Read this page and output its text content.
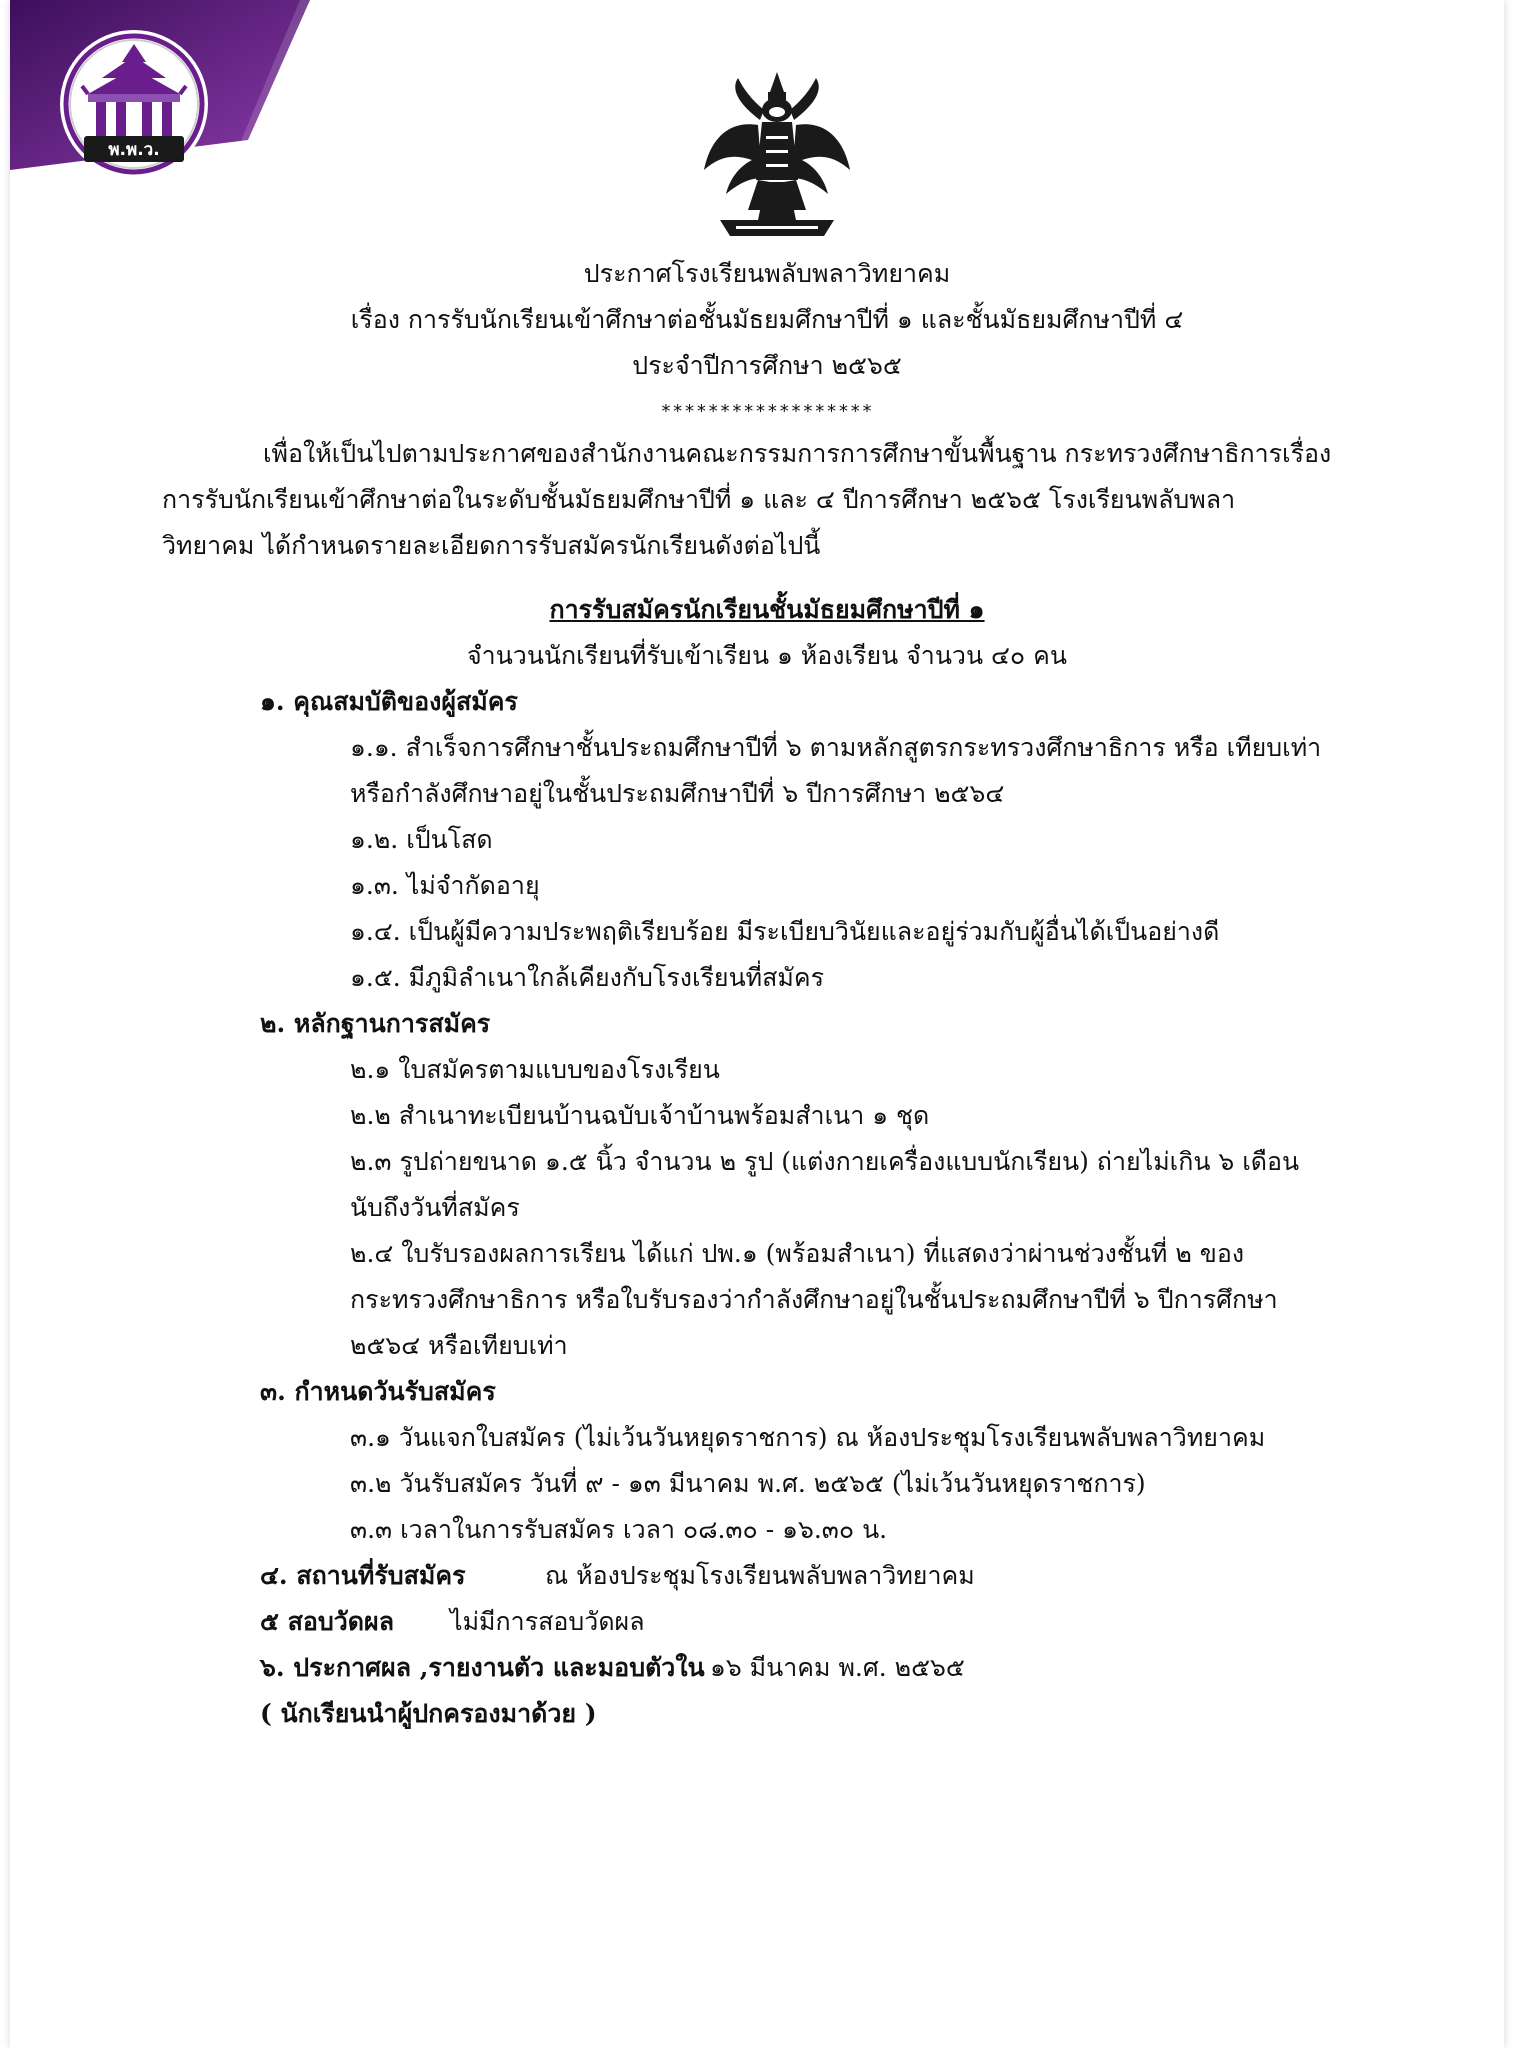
พ.พ.ว.
ประกาศโรงเรียนพลับพลาวิทยาคม
เรื่อง การรับนักเรียนเข้าศึกษาต่อชั้นมัธยมศึกษาปีที่ ๑ และชั้นมัธยมศึกษาปีที่ ๔
ประจำปีการศึกษา ๒๕๖๕
******************
เพื่อให้เป็นไปตามประกาศของสำนักงานคณะกรรมการการศึกษาขั้นพื้นฐาน กระทรวงศึกษาธิการเรื่อง
การรับนักเรียนเข้าศึกษาต่อในระดับชั้นมัธยมศึกษาปีที่ ๑ และ ๔ ปีการศึกษา ๒๕๖๕ โรงเรียนพลับพลา
วิทยาคม ได้กำหนดรายละเอียดการรับสมัครนักเรียนดังต่อไปนี้
การรับสมัครนักเรียนชั้นมัธยมศึกษาปีที่ ๑
จำนวนนักเรียนที่รับเข้าเรียน ๑ ห้องเรียน จำนวน ๔๐ คน
๑. คุณสมบัติของผู้สมัคร
๑.๑. สำเร็จการศึกษาชั้นประถมศึกษาปีที่ ๖ ตามหลักสูตรกระทรวงศึกษาธิการ หรือ เทียบเท่า
หรือกำลังศึกษาอยู่ในชั้นประถมศึกษาปีที่ ๖ ปีการศึกษา ๒๕๖๔
๑.๒. เป็นโสด
๑.๓. ไม่จำกัดอายุ
๑.๔. เป็นผู้มีความประพฤติเรียบร้อย มีระเบียบวินัยและอยู่ร่วมกับผู้อื่นได้เป็นอย่างดี
๑.๕. มีภูมิลำเนาใกล้เคียงกับโรงเรียนที่สมัคร
๒. หลักฐานการสมัคร
๒.๑ ใบสมัครตามแบบของโรงเรียน
๒.๒ สำเนาทะเบียนบ้านฉบับเจ้าบ้านพร้อมสำเนา ๑ ชุด
๒.๓ รูปถ่ายขนาด ๑.๕ นิ้ว จำนวน ๒ รูป (แต่งกายเครื่องแบบนักเรียน) ถ่ายไม่เกิน ๖ เดือน
นับถึงวันที่สมัคร
๒.๔ ใบรับรองผลการเรียน ได้แก่ ปพ.๑ (พร้อมสำเนา) ที่แสดงว่าผ่านช่วงชั้นที่ ๒ ของ
กระทรวงศึกษาธิการ หรือใบรับรองว่ากำลังศึกษาอยู่ในชั้นประถมศึกษาปีที่ ๖ ปีการศึกษา
๒๕๖๔ หรือเทียบเท่า
๓. กำหนดวันรับสมัคร
๓.๑ วันแจกใบสมัคร (ไม่เว้นวันหยุดราชการ) ณ ห้องประชุมโรงเรียนพลับพลาวิทยาคม
๓.๒ วันรับสมัคร วันที่ ๙ - ๑๓ มีนาคม พ.ศ. ๒๕๖๕ (ไม่เว้นวันหยุดราชการ)
๓.๓ เวลาในการรับสมัคร เวลา ๐๘.๓๐ - ๑๖.๓๐ น.
๔. สถานที่รับสมัคร	ณ ห้องประชุมโรงเรียนพลับพลาวิทยาคม
๕ สอบวัดผล ไม่มีการสอบวัดผล
๖. ประกาศผล ,รายงานตัว และมอบตัวใน ๑๖ มีนาคม พ.ศ. ๒๕๖๕
( นักเรียนนำผู้ปกครองมาด้วย )
